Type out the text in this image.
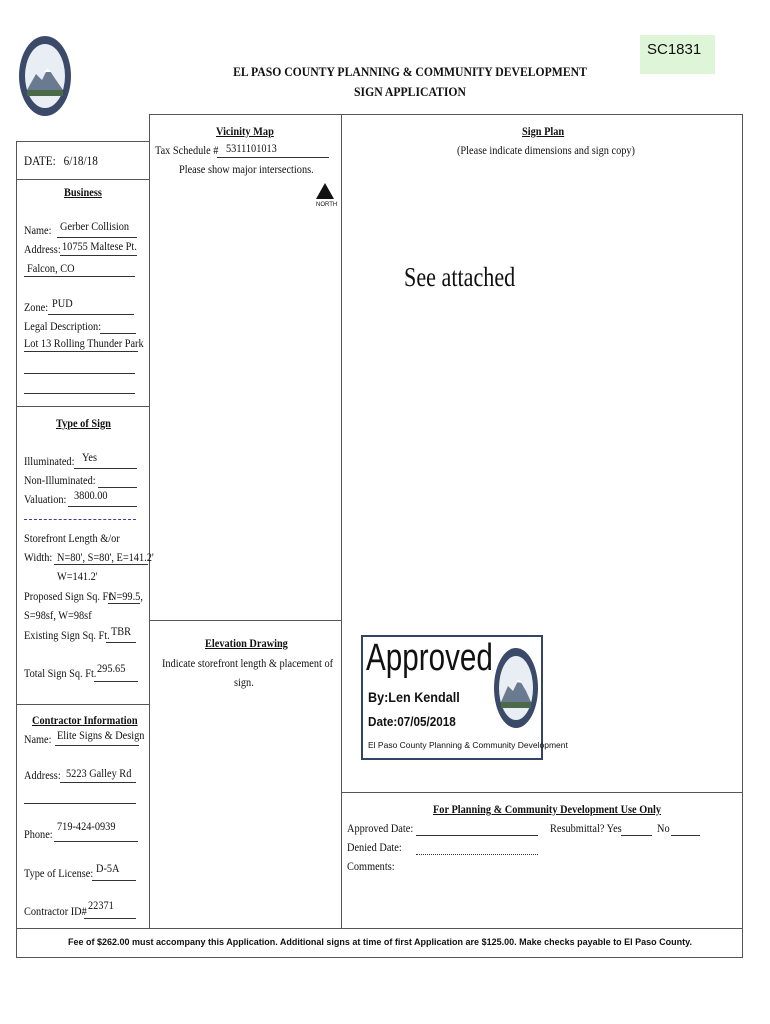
SC1831
EL PASO COUNTY PLANNING & COMMUNITY DEVELOPMENT
SIGN APPLICATION
DATE: 6/18/18
Business
Name: Gerber Collision
Address: 10755 Maltese Pt.
Falcon, CO
Zone: PUD
Legal Description:
Lot 13 Rolling Thunder Park
Type of Sign
Illuminated: Yes
Non-Illuminated:
Valuation: 3800.00
Storefront Length &/or
Width: N=80', S=80', E=141.2'
W=141.2'
Proposed Sign Sq. Ft.
N=99.5,
S=98sf, W=98sf
Existing Sign Sq. Ft. TBR
Total Sign Sq. Ft. 295.65
Contractor Information
Name: Elite Signs & Design
Address: 5223 Galley Rd
Phone:
719-424-0939
Type of License: D-5A
Contractor ID# 22371
Vicinity Map
Tax Schedule # 5311101013
Please show major intersections.
NORTH
Sign Plan
(Please indicate dimensions and sign copy)
See attached
Elevation Drawing
Indicate storefront length & placement of
sign.
Approved
By:Len Kendall
Date:07/05/2018
El Paso County Planning & Community Development
For Planning & Community Development Use Only
Approved Date:	Resubmittal? Yes	No
Denied Date:
Comments:
Fee of $262.00 must accompany this Application. Additional signs at time of first Application are $125.00. Make checks payable to El Paso County.
